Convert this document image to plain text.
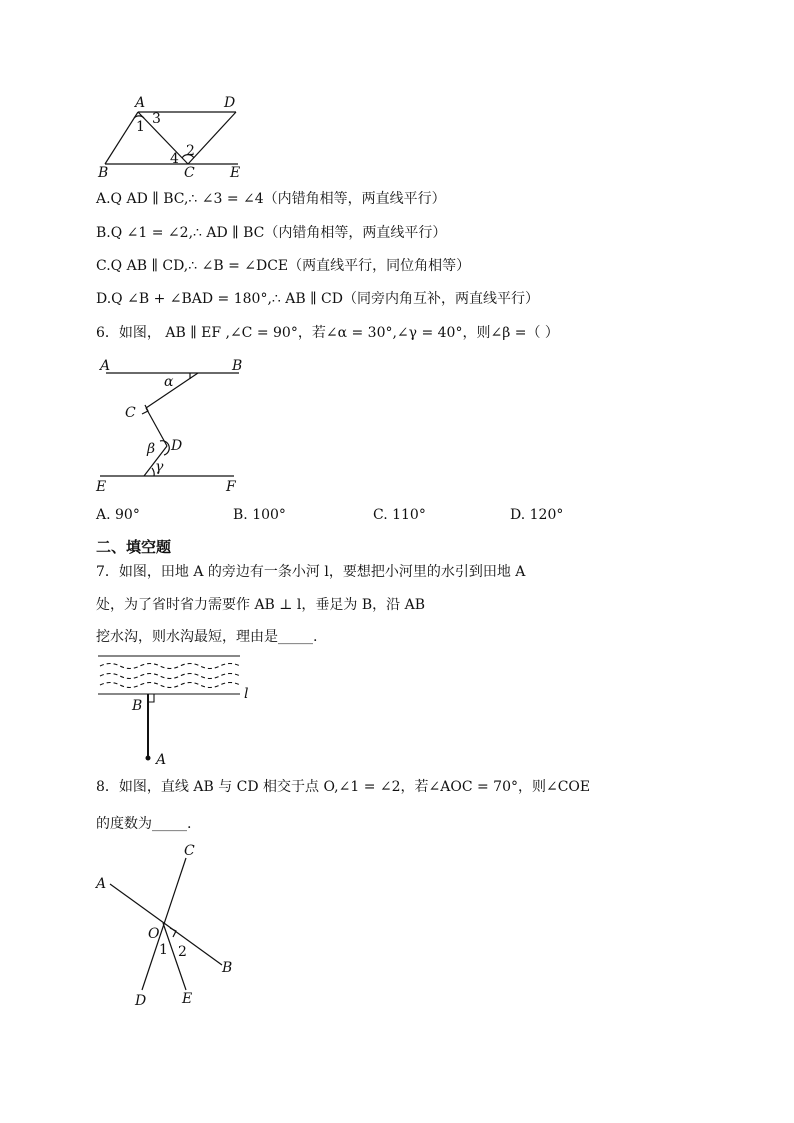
A	D
B	C	E
1 3
2
4
A.Q AD ∥ BC,∴ ∠3 = ∠4（内错角相等，两直线平行）
B.Q ∠1 = ∠2,∴ AD ∥ BC（内错角相等，两直线平行）
C.Q AB ∥ CD,∴ ∠B = ∠DCE（两直线平行，同位角相等）
D.Q ∠B + ∠BAD = 180°,∴ AB ∥ CD（同旁内角互补，两直线平行）
6．如图， AB ∥ EF ,∠C = 90°，若∠α = 30°,∠γ = 40°，则∠β =（ ）
A	B
C
D
E	F
α
β
γ
A. 90°	B. 100°	C. 110°	D. 120°
二、填空题
7．如图，田地 A 的旁边有一条小河 l，要想把小河里的水引到田地 A
处，为了省时省力需要作 AB ⊥ l，垂足为 B，沿 AB
挖水沟，则水沟最短，理由是_____.
B
A
l
8．如图，直线 AB 与 CD 相交于点 O,∠1 = ∠2，若∠AOC = 70°，则∠COE
的度数为_____.
C
A
O
B
D	E
1 2
